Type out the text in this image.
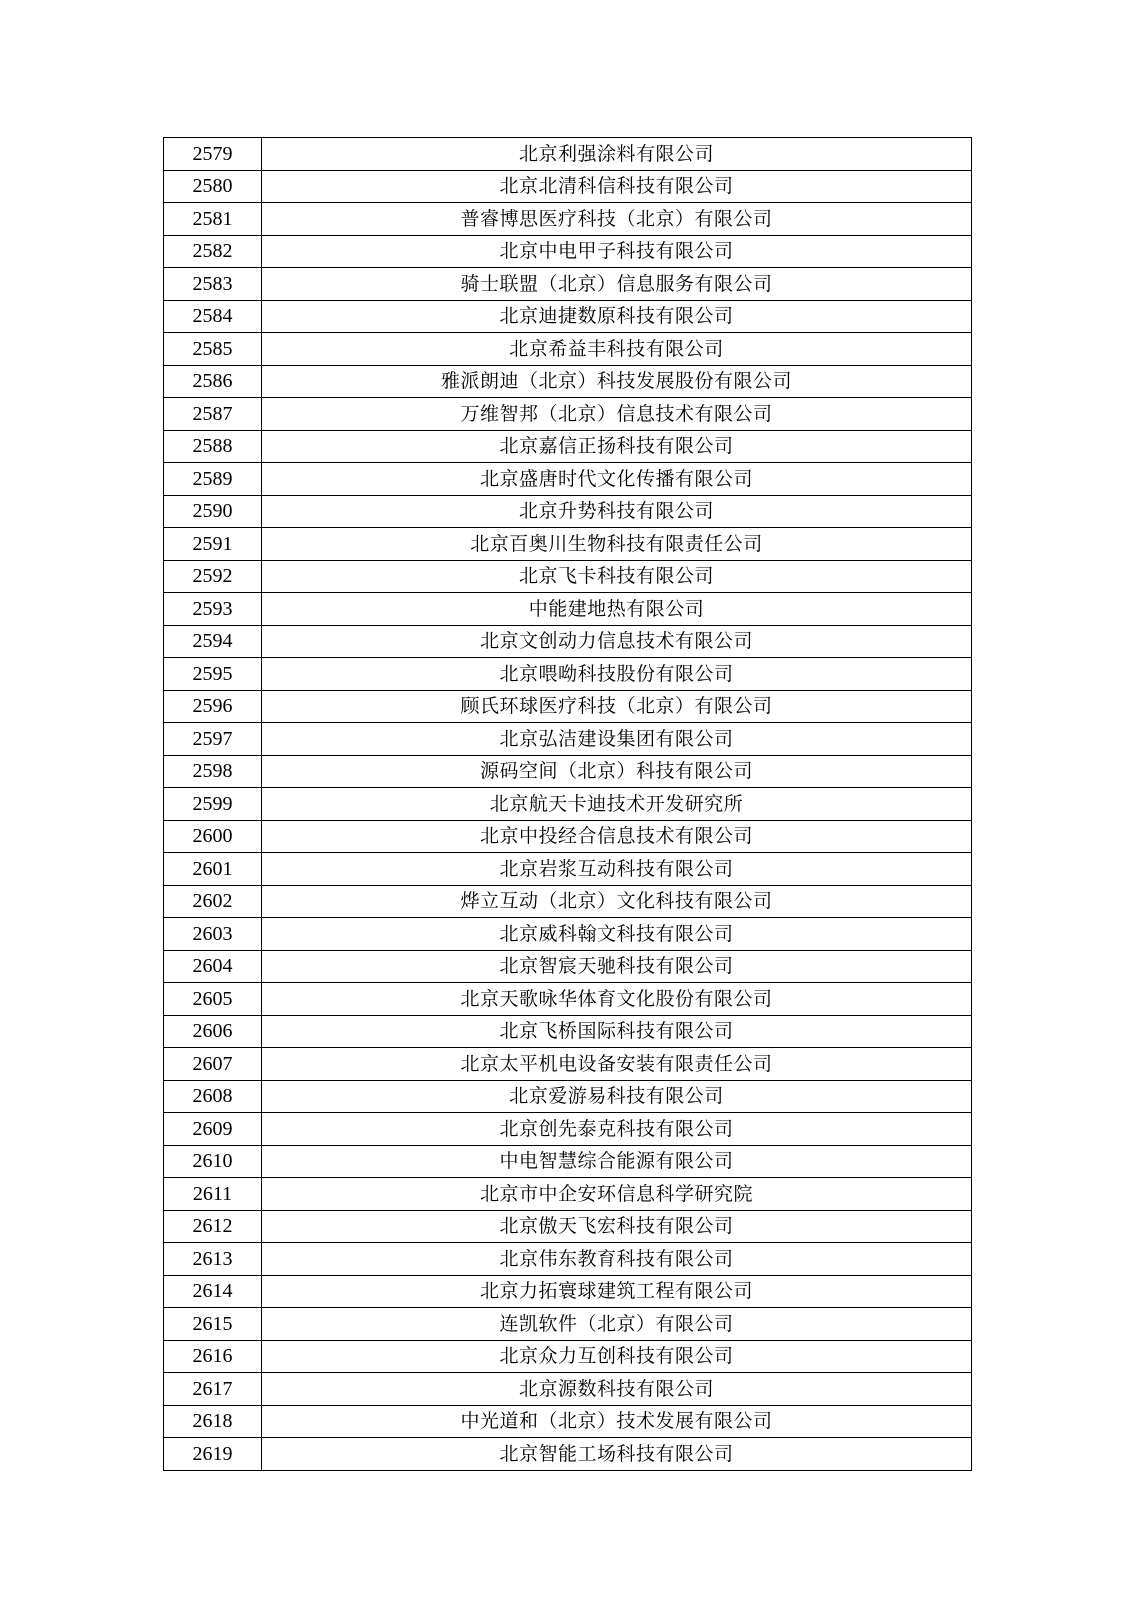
2579	北京利强涂料有限公司
2580	北京北清科信科技有限公司
2581	普睿博思医疗科技（北京）有限公司
2582	北京中电甲子科技有限公司
2583	骑士联盟（北京）信息服务有限公司
2584	北京迪捷数原科技有限公司
2585	北京希益丰科技有限公司
2586	雅派朗迪（北京）科技发展股份有限公司
2587	万维智邦（北京）信息技术有限公司
2588	北京嘉信正扬科技有限公司
2589	北京盛唐时代文化传播有限公司
2590	北京升势科技有限公司
2591	北京百奥川生物科技有限责任公司
2592	北京飞卡科技有限公司
2593	中能建地热有限公司
2594	北京文创动力信息技术有限公司
2595	北京喂呦科技股份有限公司
2596	顾氏环球医疗科技（北京）有限公司
2597	北京弘洁建设集团有限公司
2598	源码空间（北京）科技有限公司
2599	北京航天卡迪技术开发研究所
2600	北京中投经合信息技术有限公司
2601	北京岩浆互动科技有限公司
2602	烨立互动（北京）文化科技有限公司
2603	北京威科翰文科技有限公司
2604	北京智宸天驰科技有限公司
2605	北京天歌咏华体育文化股份有限公司
2606	北京飞桥国际科技有限公司
2607	北京太平机电设备安装有限责任公司
2608	北京爱游易科技有限公司
2609	北京创先泰克科技有限公司
2610	中电智慧综合能源有限公司
2611	北京市中企安环信息科学研究院
2612	北京傲天飞宏科技有限公司
2613	北京伟东教育科技有限公司
2614	北京力拓寰球建筑工程有限公司
2615	连凯软件（北京）有限公司
2616	北京众力互创科技有限公司
2617	北京源数科技有限公司
2618	中光道和（北京）技术发展有限公司
2619	北京智能工场科技有限公司
